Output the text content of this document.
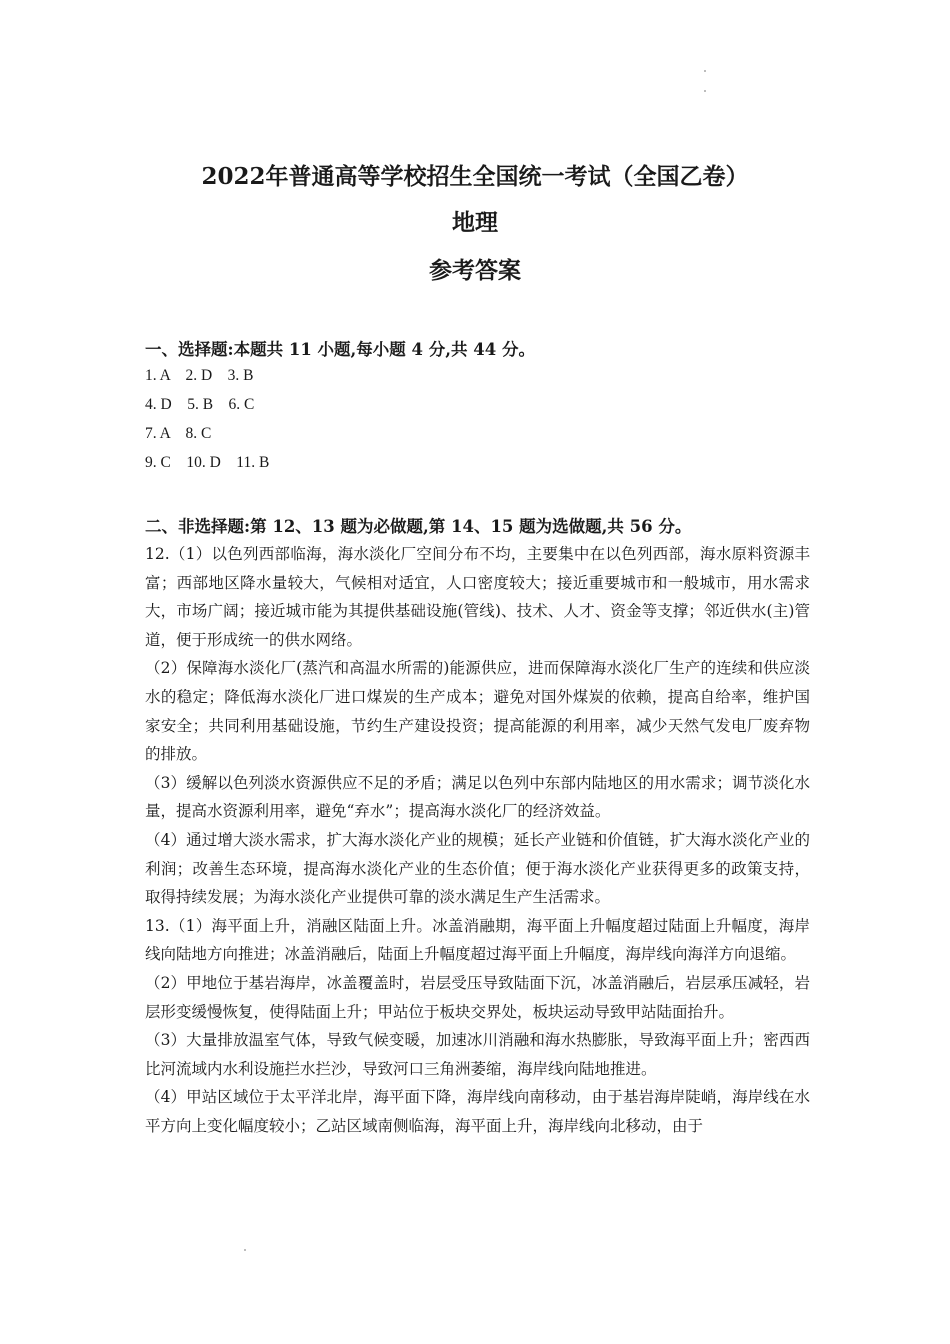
2022年普通高等学校招生全国统一考试（全国乙卷）
地理
参考答案
一、选择题:本题共 11 小题,每小题 4 分,共 44 分。
1. A    2. D    3. B
4. D    5. B    6. C
7. A    8. C
9. C    10. D    11. B
二、非选择题:第 12、13 题为必做题,第 14、15 题为选做题,共 56 分。

12.（1）以色列西部临海，海水淡化厂空间分布不均，主要集中在以色列西部，海水原料资源丰富；西部地区降水量较大，气候相对适宜，人口密度较大；接近重要城市和一般城市，用水需求大，市场广阔；接近城市能为其提供基础设施(管线)、技术、人才、资金等支撑；邻近供水(主)管道，便于形成统一的供水网络。

（2）保障海水淡化厂(蒸汽和高温水所需的)能源供应，进而保障海水淡化厂生产的连续和供应淡水的稳定；降低海水淡化厂进口煤炭的生产成本；避免对国外煤炭的依赖，提高自给率，维护国家安全；共同利用基础设施，节约生产建设投资；提高能源的利用率，减少天然气发电厂废弃物的排放。

（3）缓解以色列淡水资源供应不足的矛盾；满足以色列中东部内陆地区的用水需求；调节淡化水量，提高水资源利用率，避免“弃水”；提高海水淡化厂的经济效益。

（4）通过增大淡水需求，扩大海水淡化产业的规模；延长产业链和价值链，扩大海水淡化产业的利润；改善生态环境，提高海水淡化产业的生态价值；便于海水淡化产业获得更多的政策支持，取得持续发展；为海水淡化产业提供可靠的淡水满足生产生活需求。

13.（1）海平面上升，消融区陆面上升。冰盖消融期，海平面上升幅度超过陆面上升幅度，海岸线向陆地方向推进；冰盖消融后，陆面上升幅度超过海平面上升幅度，海岸线向海洋方向退缩。

（2）甲地位于基岩海岸，冰盖覆盖时，岩层受压导致陆面下沉，冰盖消融后，岩层承压减轻，岩层形变缓慢恢复，使得陆面上升；甲站位于板块交界处，板块运动导致甲站陆面抬升。

（3）大量排放温室气体，导致气候变暖，加速冰川消融和海水热膨胀，导致海平面上升；密西西比河流域内水利设施拦水拦沙，导致河口三角洲萎缩，海岸线向陆地推进。

（4）甲站区域位于太平洋北岸，海平面下降，海岸线向南移动，由于基岩海岸陡峭，海岸线在水平方向上变化幅度较小；乙站区域南侧临海，海平面上升，海岸线向北移动，由于
